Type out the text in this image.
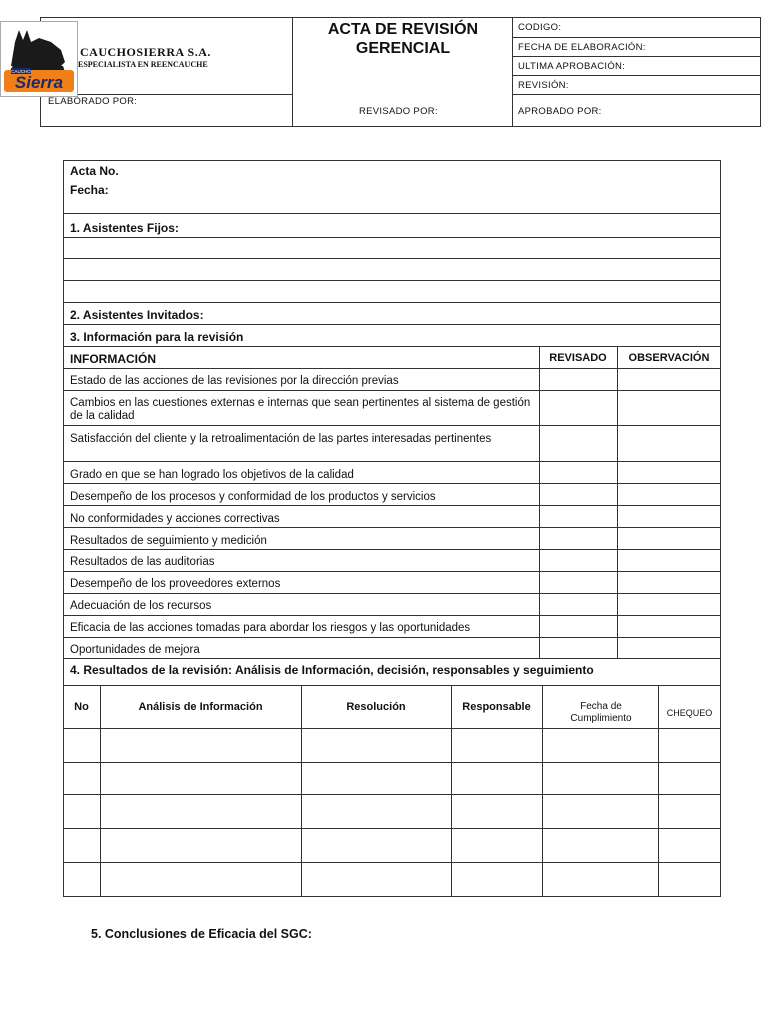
CAUCHOSIERRA S.A.
ESPECIALISTA EN REENCAUCHE
CAUCHO
Sierra
ACTA DE REVISIÓN
GERENCIAL
CODIGO:
FECHA DE ELABORACIÓN:
ULTIMA APROBACIÓN:
REVISIÓN:
ELABORADO POR:
REVISADO POR:	APROBADO POR:
Acta No.
Fecha:
1. Asistentes Fijos:
2. Asistentes Invitados:
3. Información para la revisión
INFORMACIÓN	REVISADO	OBSERVACIÓN
Estado de las acciones de las revisiones por la dirección previas
Cambios en las cuestiones externas e internas que sean pertinentes al sistema de gestión de la calidad
Satisfacción del cliente y la retroalimentación de las partes interesadas pertinentes
Grado en que se han logrado los objetivos de la calidad
Desempeño de los procesos y conformidad de los productos y servicios
No conformidades y acciones correctivas
Resultados de seguimiento y medición
Resultados de las auditorias
Desempeño de los proveedores externos
Adecuación de los recursos
Eficacia de las acciones tomadas para abordar los riesgos y las oportunidades
Oportunidades de mejora
4. Resultados de la revisión: Análisis de Información, decisión, responsables y seguimiento
No	Análisis de Información	Resolución	Responsable	Fecha de Cumplimiento	CHEQUEO
5. Conclusiones de Eficacia del SGC:
